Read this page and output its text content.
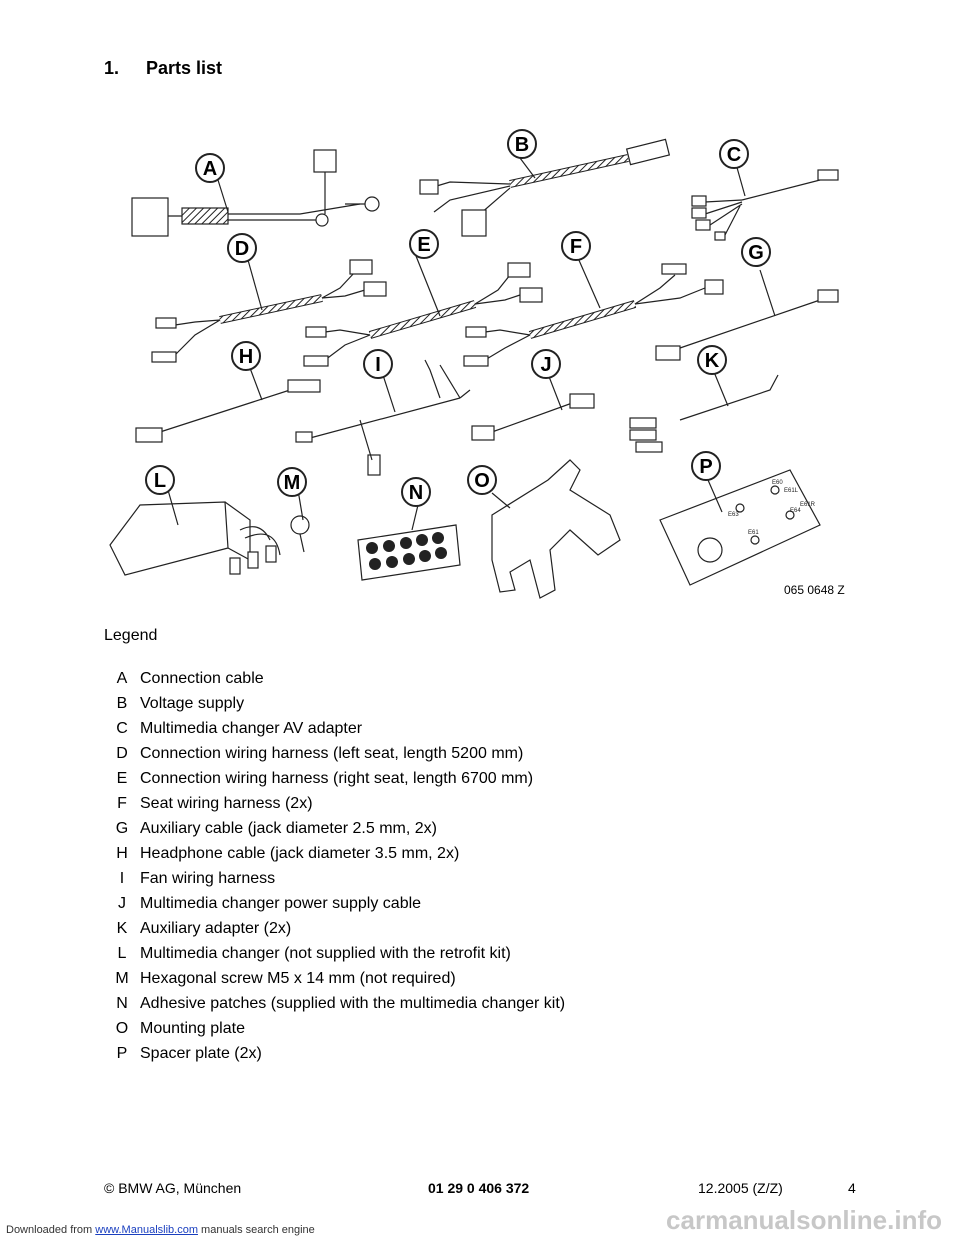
1. Parts list
A
B	C
D	E	F	G
H	I	J	K
L	M	N
O
P
E60
E61L
E63
E64
E61
E61R
065 0648 Z
Legend
A Connection cable
B Voltage supply
C Multimedia changer AV adapter
D Connection wiring harness (left seat, length 5200 mm)
E Connection wiring harness (right seat, length 6700 mm)
F Seat wiring harness (2x)
G Auxiliary cable (jack diameter 2.5 mm, 2x)
H Headphone cable (jack diameter 3.5 mm, 2x)
I Fan wiring harness
J Multimedia changer power supply cable
K Auxiliary adapter (2x)
L Multimedia changer (not supplied with the retrofit kit)
M Hexagonal screw M5 x 14 mm (not required)
N Adhesive patches (supplied with the multimedia changer kit)
O Mounting plate
P Spacer plate (2x)
© BMW AG, München	01 29 0 406 372	12.2005 (Z/Z)	4
Downloaded from www.Manualslib.com manuals search engine	carmanualsonline.info
